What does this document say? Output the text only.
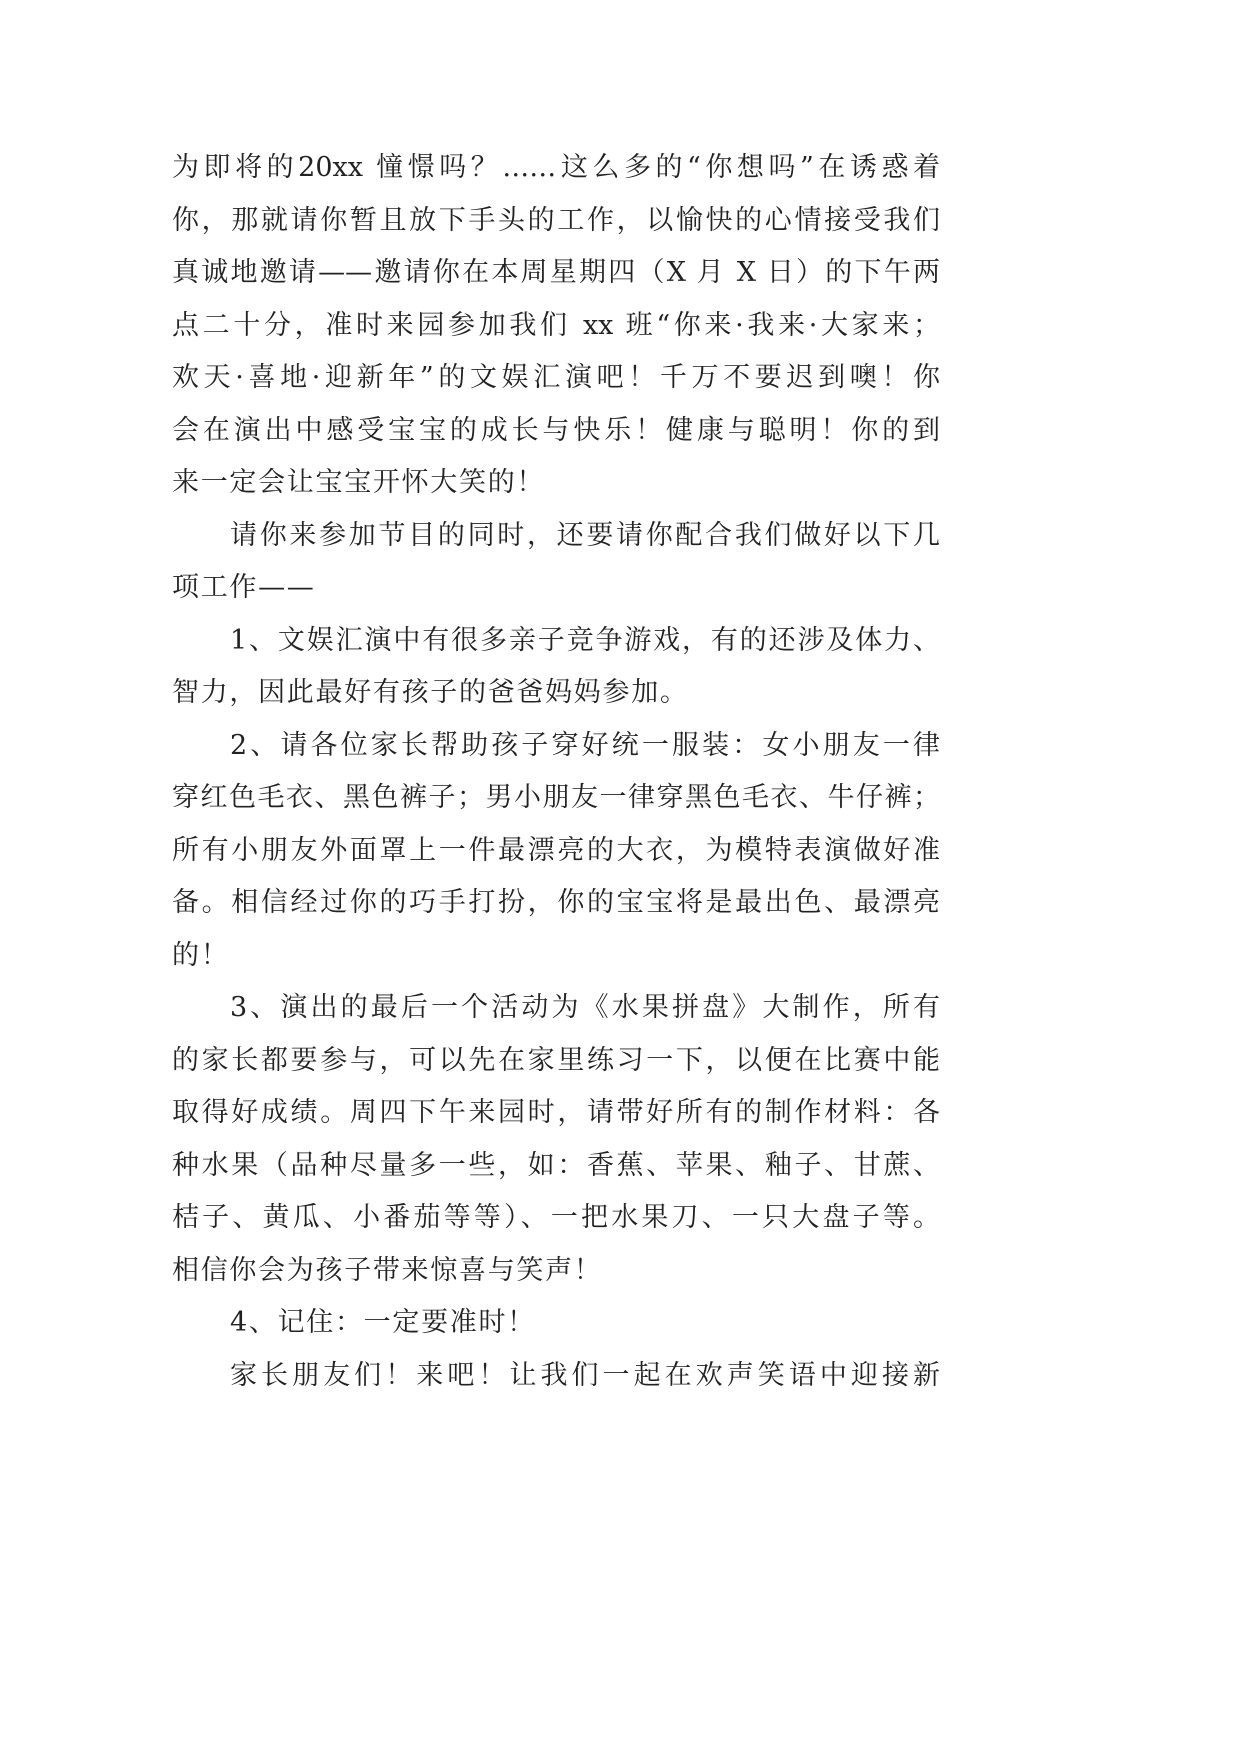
为即将的20xx 憧憬吗？……这么多的“你想吗”在诱惑着
你，那就请你暂且放下手头的工作，以愉快的心情接受我们
真诚地邀请——邀请你在本周星期四（X 月 X 日）的下午两
点二十分，准时来园参加我们 xx 班“你来·我来·大家来；
欢天·喜地·迎新年”的文娱汇演吧！千万不要迟到噢！你
会在演出中感受宝宝的成长与快乐！健康与聪明！你的到
来一定会让宝宝开怀大笑的！
请你来参加节目的同时，还要请你配合我们做好以下几
项工作——
1、文娱汇演中有很多亲子竞争游戏，有的还涉及体力、
智力，因此最好有孩子的爸爸妈妈参加。
2、请各位家长帮助孩子穿好统一服装：女小朋友一律
穿红色毛衣、黑色裤子；男小朋友一律穿黑色毛衣、牛仔裤；
所有小朋友外面罩上一件最漂亮的大衣，为模特表演做好准
备。相信经过你的巧手打扮，你的宝宝将是最出色、最漂亮
的！
3、演出的最后一个活动为《水果拼盘》大制作，所有
的家长都要参与，可以先在家里练习一下，以便在比赛中能
取得好成绩。周四下午来园时，请带好所有的制作材料：各
种水果（品种尽量多一些，如：香蕉、苹果、釉子、甘蔗、
桔子、黄瓜、小番茄等等）、一把水果刀、一只大盘子等。
相信你会为孩子带来惊喜与笑声！
4、记住：一定要准时！
家长朋友们！来吧！让我们一起在欢声笑语中迎接新
